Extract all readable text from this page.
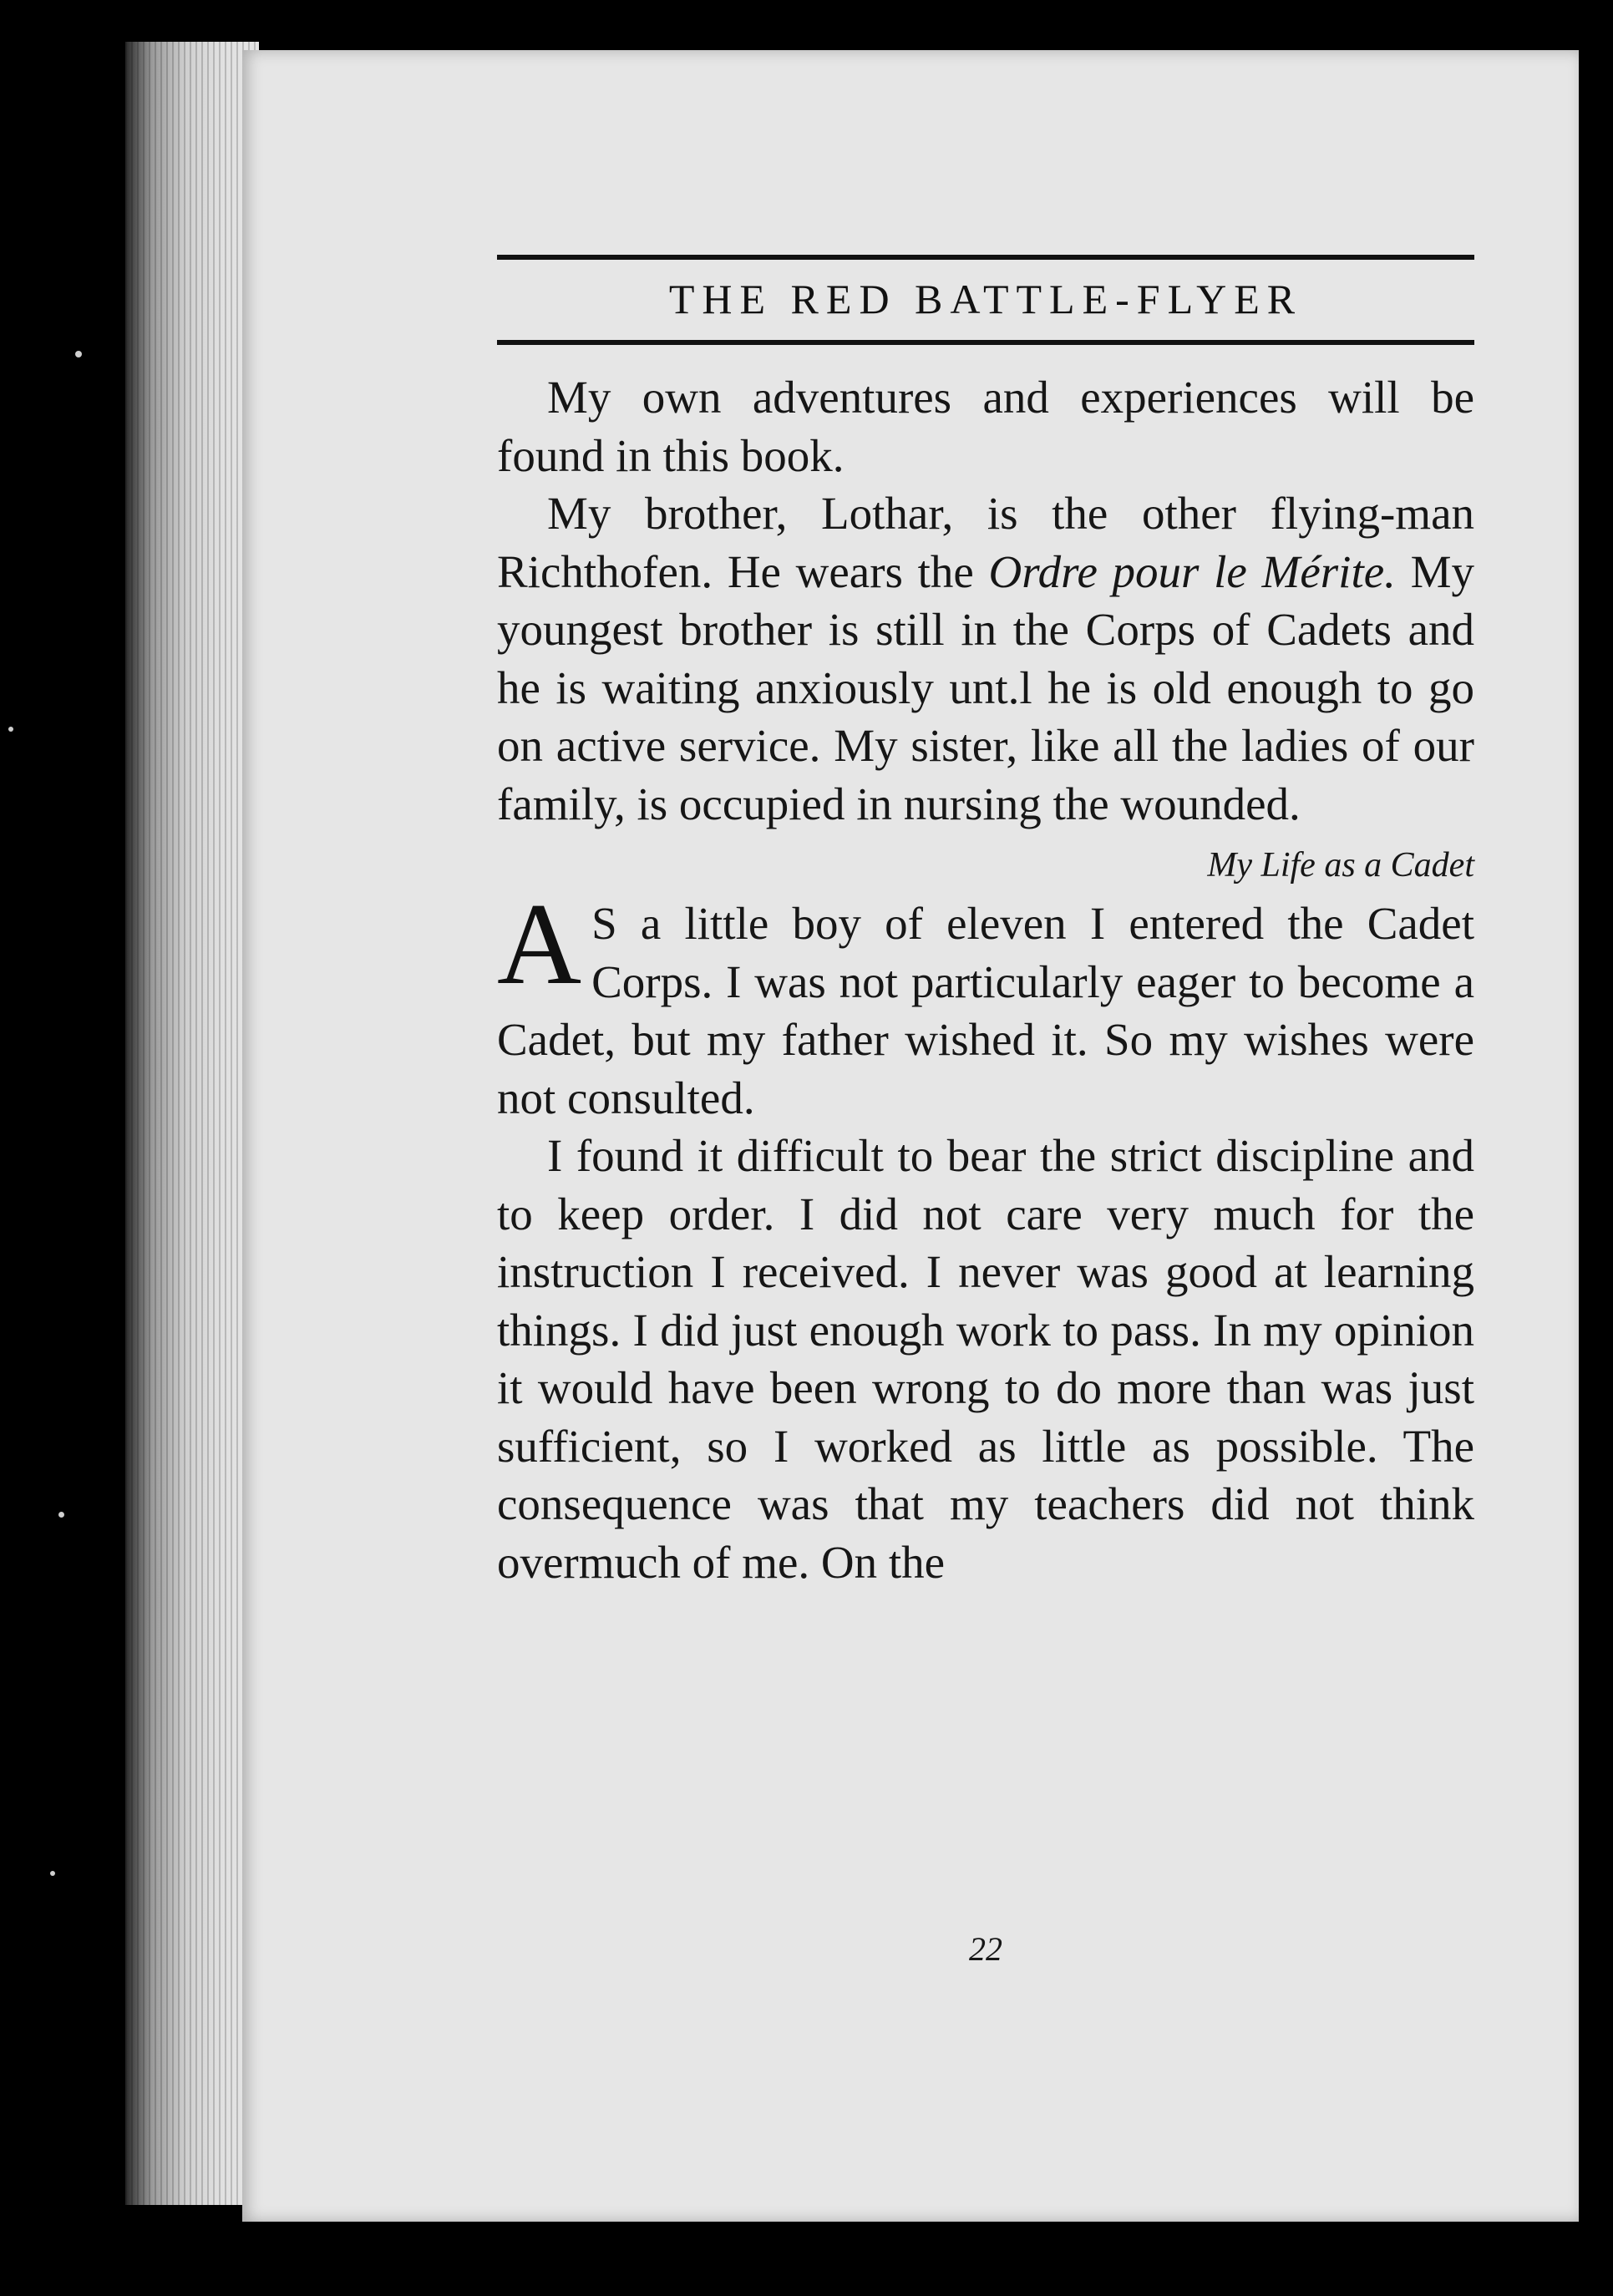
THE RED BATTLE-FLYER

My own adventures and experiences will be found in this book.

My brother, Lothar, is the other flying-man Richthofen. He wears the Ordre pour le Mérite. My youngest brother is still in the Corps of Cadets and he is waiting anxiously unt.l he is old enough to go on active service. My sister, like all the ladies of our family, is occupied in nursing the wounded.

My Life as a Cadet

A S a little boy of eleven I entered the Cadet Corps. I was not particularly eager to become a Cadet, but my father wished it. So my wishes were not consulted.

I found it difficult to bear the strict discipline and to keep order. I did not care very much for the instruction I received. I never was good at learning things. I did just enough work to pass. In my opinion it would have been wrong to do more than was just sufficient, so I worked as little as possible. The consequence was that my teachers did not think overmuch of me. On the

22
